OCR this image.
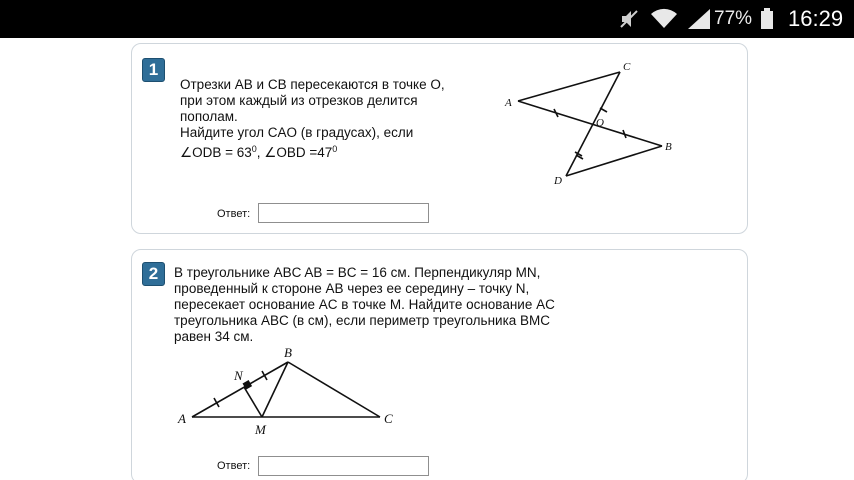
77% 16:29
1
Отрезки AB и CB пересекаются в точке O,
при этом каждый из отрезков делится
пополам.
Найдите угол CAO (в градусах), если
∠ODB = $63^0$, ∠OBD $=47^0$
A
C
O
B
D
Ответ:
2	В треугольнике ABC AB = BC = 16 см. Перпендикуляр MN,
проведенный к стороне AB через ее середину – точку N,
пересекает основание AC в точке M. Найдите основание AC
треугольника ABC (в см), если периметр треугольника BMC
равен 34 см.
A
B
C
M
N
Ответ:
